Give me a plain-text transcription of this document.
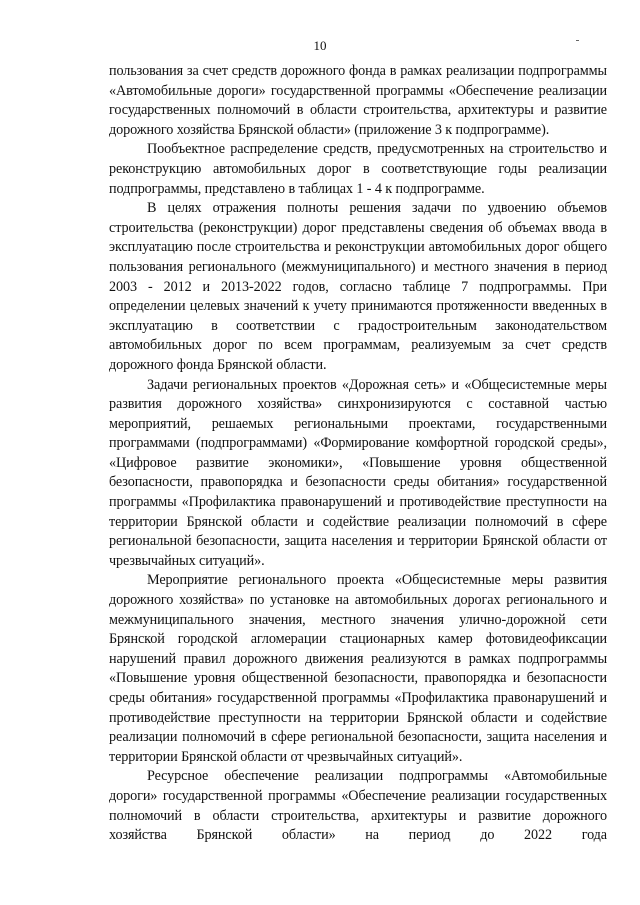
10

пользования за счет средств дорожного фонда в рамках реализации подпрограммы «Автомобильные дороги» государственной программы «Обеспечение реализации государственных полномочий в области строительства, архитектуры и развитие дорожного хозяйства Брянской области» (приложение 3 к подпрограмме).

Пообъектное распределение средств, предусмотренных на строительство и реконструкцию автомобильных дорог в соответствующие годы реализации подпрограммы, представлено в таблицах 1 - 4 к подпрограмме.

В целях отражения полноты решения задачи по удвоению объемов строительства (реконструкции) дорог представлены сведения об объемах ввода в эксплуатацию после строительства и реконструкции автомобильных дорог общего пользования регионального (межмуниципального) и местного значения в период 2003 - 2012 и 2013-2022 годов, согласно таблице 7 подпрограммы. При определении целевых значений к учету принимаются протяженности введенных в эксплуатацию в соответствии с градостроительным законодательством автомобильных дорог по всем программам, реализуемым за счет средств дорожного фонда Брянской области.

Задачи региональных проектов «Дорожная сеть» и «Общесистемные меры развития дорожного хозяйства» синхронизируются с составной частью мероприятий, решаемых региональными проектами, государственными программами (подпрограммами) «Формирование комфортной городской среды», «Цифровое развитие экономики», «Повышение уровня общественной безопасности, правопорядка и безопасности среды обитания» государственной программы «Профилактика правонарушений и противодействие преступности на территории Брянской области и содействие реализации полномочий в сфере региональной безопасности, защита населения и территории Брянской области от чрезвычайных ситуаций».

Мероприятие регионального проекта «Общесистемные меры развития дорожного хозяйства» по установке на автомобильных дорогах регионального и межмуниципального значения, местного значения улично-дорожной сети Брянской городской агломерации стационарных камер фотовидеофиксации нарушений правил дорожного движения реализуются в рамках подпрограммы «Повышение уровня общественной безопасности, правопорядка и безопасности среды обитания» государственной программы «Профилактика правонарушений и противодействие преступности на территории Брянской области и содействие реализации полномочий в сфере региональной безопасности, защита населения и территории Брянской области от чрезвычайных ситуаций».

Ресурсное обеспечение реализации подпрограммы «Автомобильные дороги» государственной программы «Обеспечение реализации государственных полномочий в области строительства, архитектуры и развитие дорожного хозяйства Брянской области» на период до 2022 года
